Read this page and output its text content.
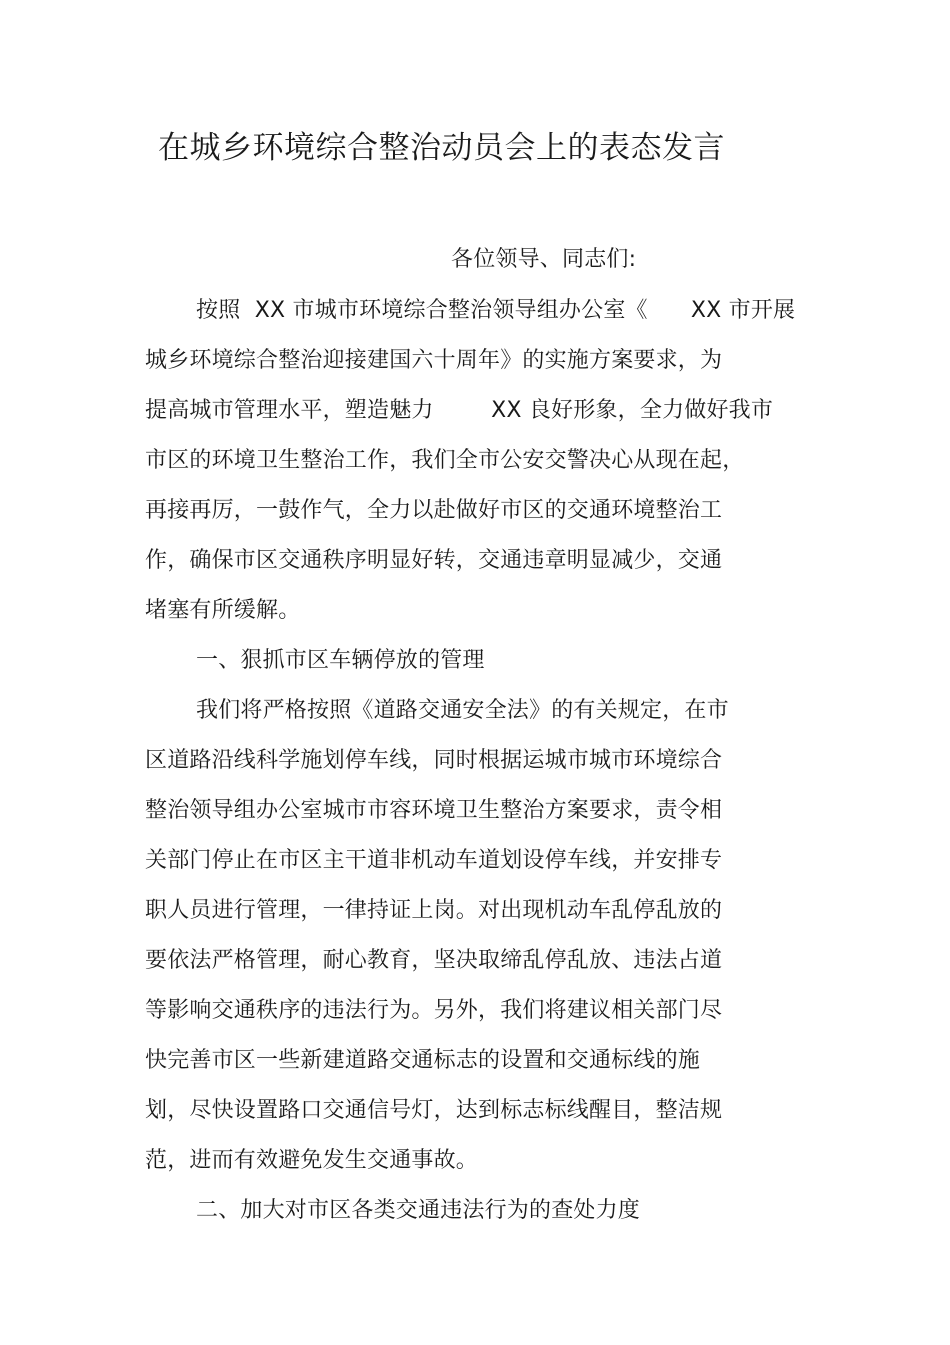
在城乡环境综合整治动员会上的表态发言
各位领导、同志们:
按照  XX 市城市环境综合整治领导组办公室《      XX 市开展
城乡环境综合整治迎接建国六十周年》的实施方案要求，为
提高城市管理水平，塑造魅力        XX 良好形象，全力做好我市
市区的环境卫生整治工作，我们全市公安交警决心从现在起，
再接再厉，一鼓作气，全力以赴做好市区的交通环境整治工
作，确保市区交通秩序明显好转，交通违章明显减少，交通
堵塞有所缓解。
一、狠抓市区车辆停放的管理
我们将严格按照《道路交通安全法》的有关规定，在市
区道路沿线科学施划停车线，同时根据运城市城市环境综合
整治领导组办公室城市市容环境卫生整治方案要求，责令相
关部门停止在市区主干道非机动车道划设停车线，并安排专
职人员进行管理，一律持证上岗。对出现机动车乱停乱放的
要依法严格管理，耐心教育，坚决取缔乱停乱放、违法占道
等影响交通秩序的违法行为。另外，我们将建议相关部门尽
快完善市区一些新建道路交通标志的设置和交通标线的施
划，尽快设置路口交通信号灯，达到标志标线醒目，整洁规
范，进而有效避免发生交通事故。
二、加大对市区各类交通违法行为的查处力度
